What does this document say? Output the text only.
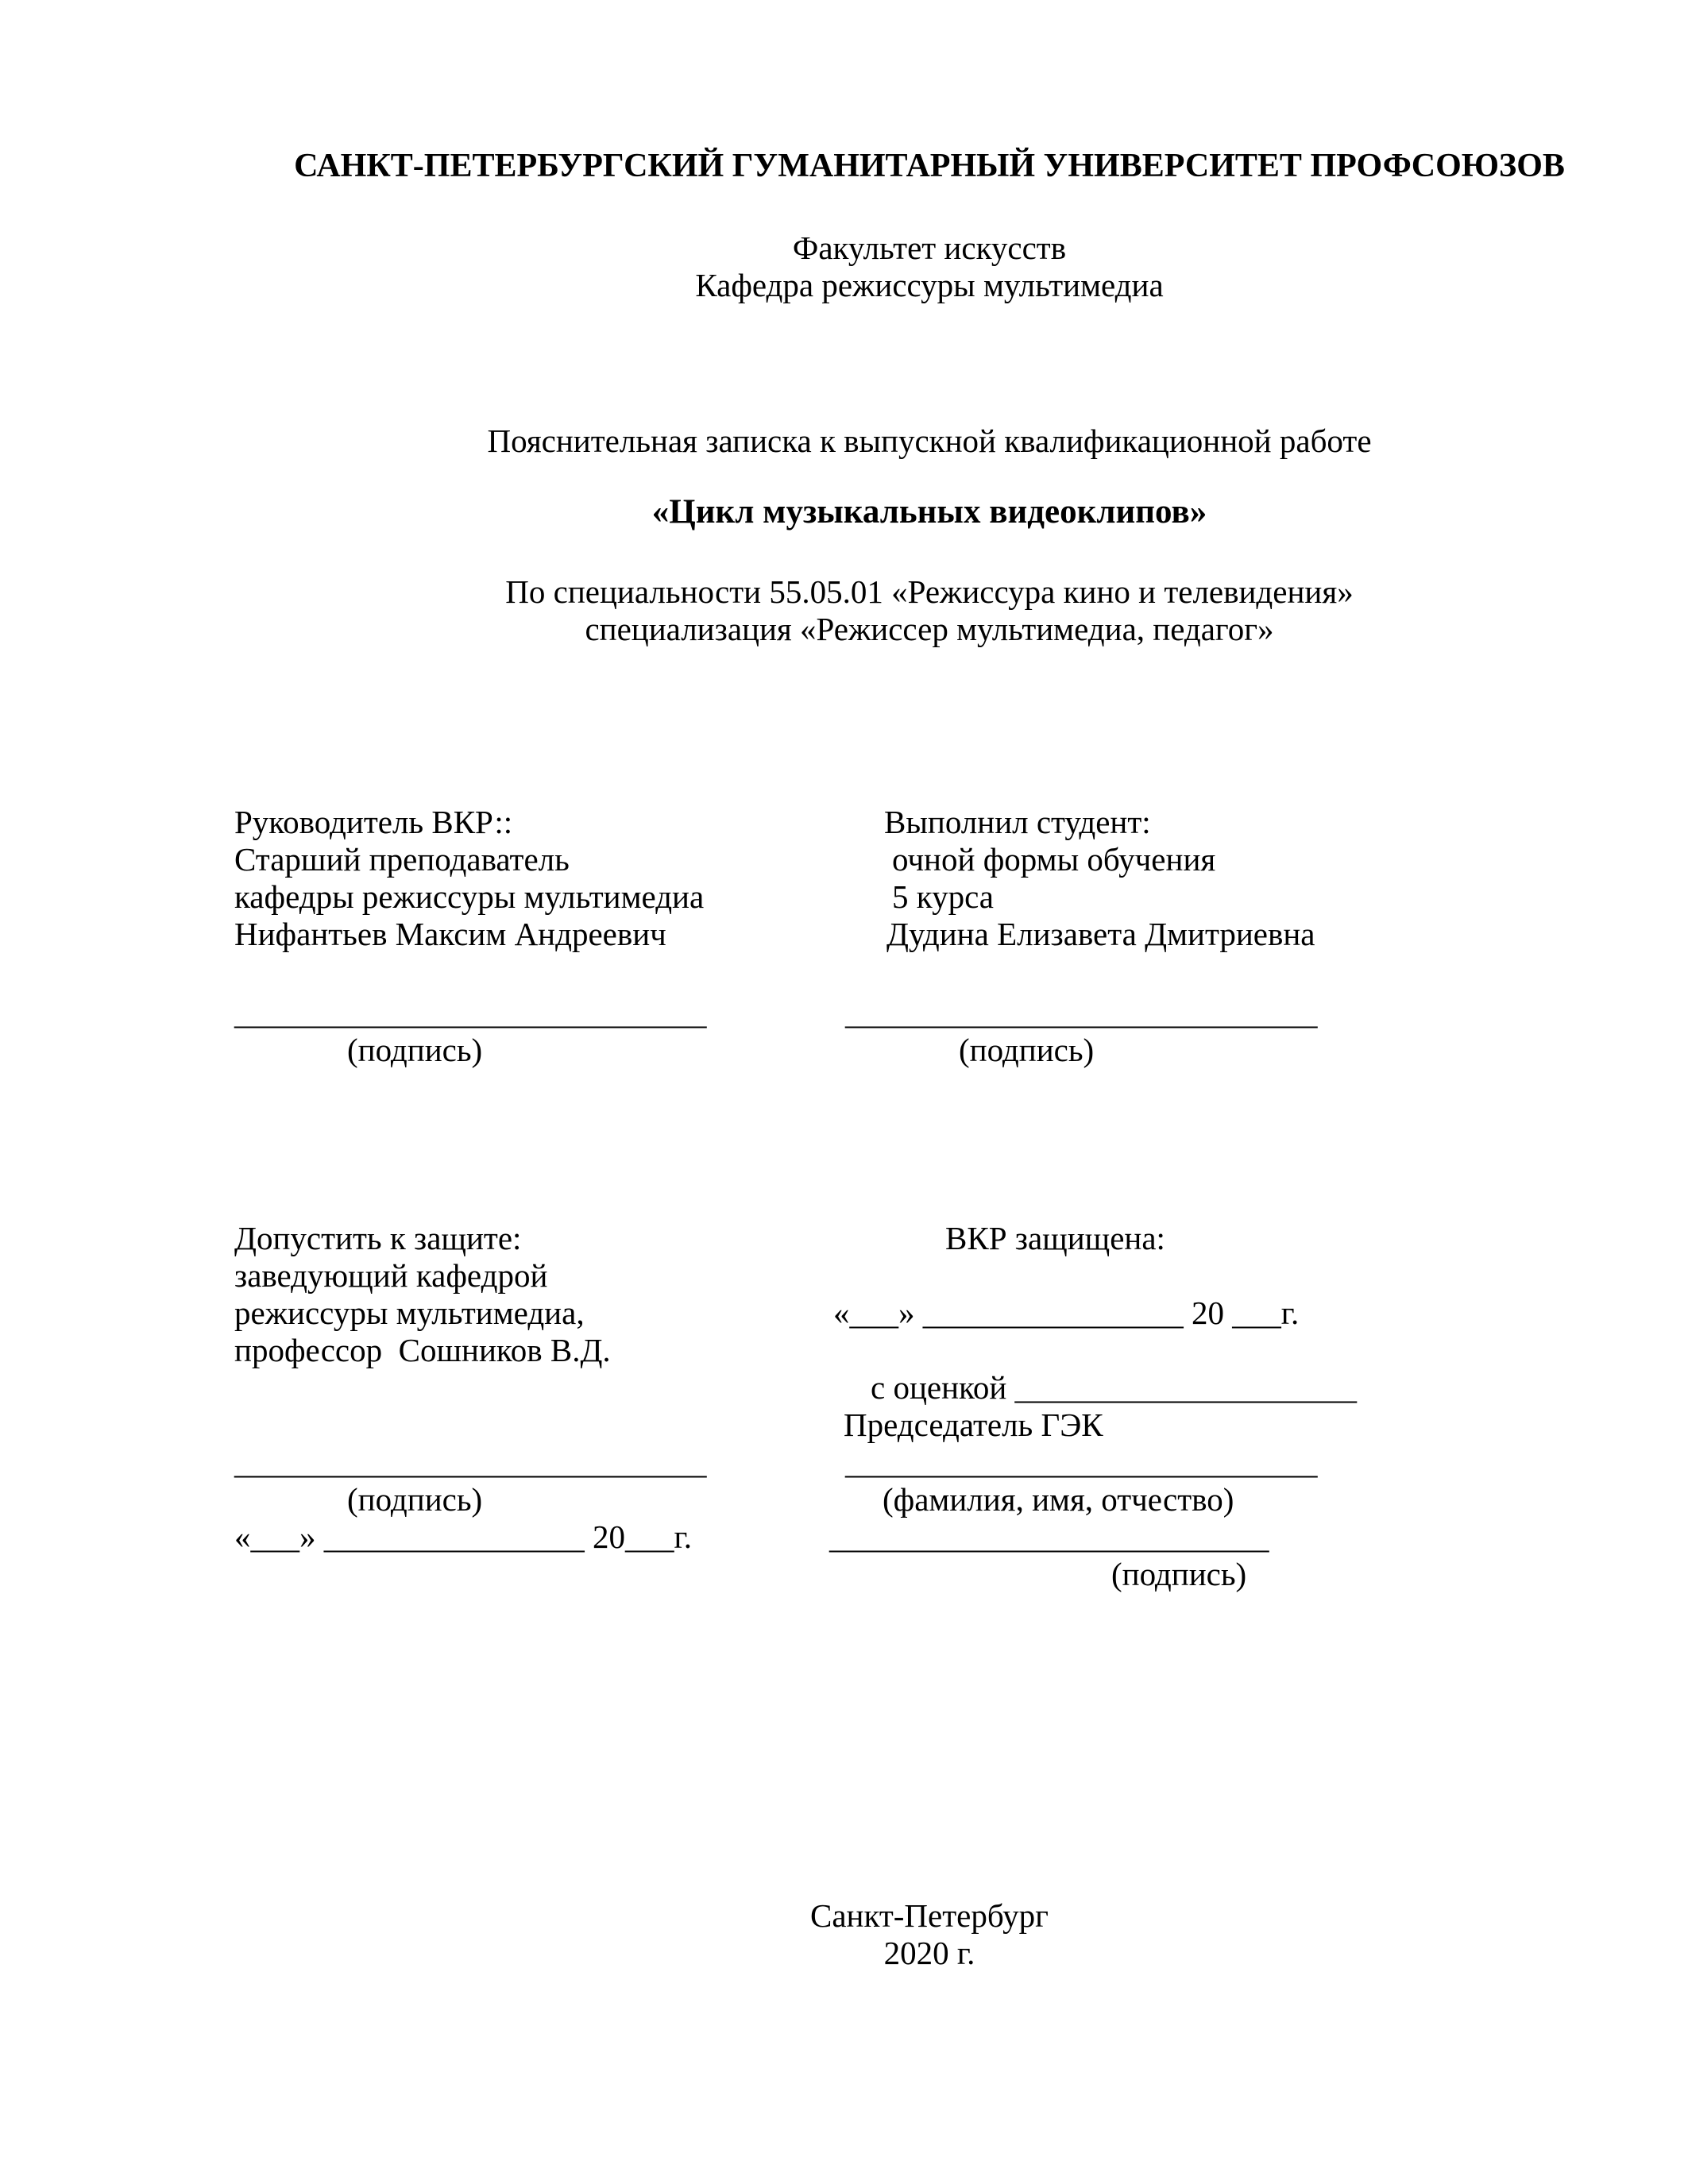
САНКТ-ПЕТЕРБУРГСКИЙ ГУМАНИТАРНЫЙ УНИВЕРСИТЕТ ПРОФСОЮЗОВ
Факультет искусств
Кафедра режиссуры мультимедиа
Пояснительная записка к выпускной квалификационной работе
«Цикл музыкальных видеоклипов»
По специальности 55.05.01 «Режиссура кино и телевидения»
специализация «Режиссер мультимедиа, педагог»
Руководитель ВКР::
Старший преподаватель
кафедры режиссуры мультимедиа
Нифантьев Максим Андреевич
_____________________________
(подпись)
Выполнил студент:
очной формы обучения
5 курса
Дудина Елизавета Дмитриевна
_____________________________
(подпись)
Допустить к защите:
заведующий кафедрой
режиссуры мультимедиа,
профессор  Сошников В.Д.
_____________________________
(подпись)
«___» ________________ 20___г.
ВКР защищена:
«___» ________________ 20 ___г.
с оценкой _____________________
Председатель ГЭК
_____________________________
(фамилия, имя, отчество)
___________________________
(подпись)
Санкт-Петербург
2020 г.
